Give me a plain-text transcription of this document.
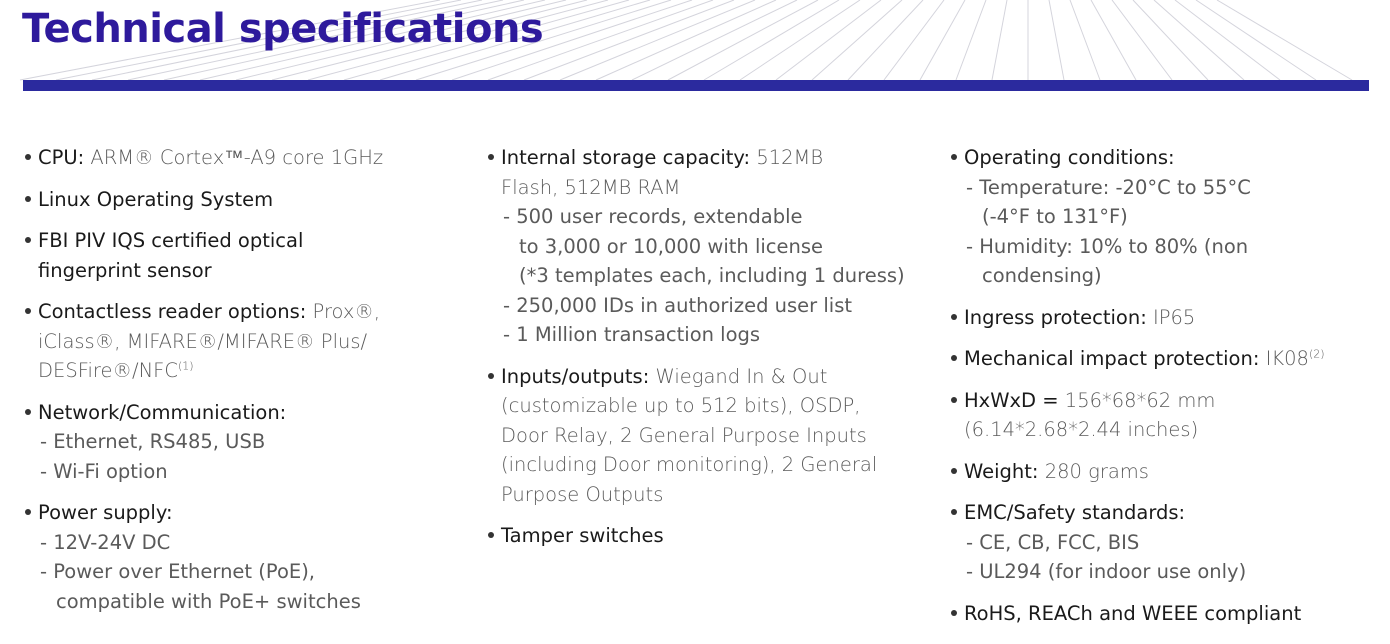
Technical specifications
CPU: ARM® Cortex™-A9 core 1GHz
Linux Operating System
FBI PIV IQS certified optical
fingerprint sensor
Contactless reader options: Prox®,
iClass®, MIFARE®/MIFARE® Plus/
DESFire®/NFC$^{(1)}$
Network/Communication:
- Ethernet, RS485, USB
- Wi-Fi option
Power supply:
- 12V-24V DC
- Power over Ethernet (PoE),
compatible with PoE+ switches
Internal storage capacity: 512MB
Flash, 512MB RAM
- 500 user records, extendable
to 3,000 or 10,000 with license
(*3 templates each, including 1 duress)
- 250,000 IDs in authorized user list
- 1 Million transaction logs
Inputs/outputs: Wiegand In & Out
(customizable up to 512 bits), OSDP,
Door Relay, 2 General Purpose Inputs
(including Door monitoring), 2 General
Purpose Outputs
Tamper switches
Operating conditions:
- Temperature: -20°C to 55°C
(-4°F to 131°F)
- Humidity: 10% to 80% (non
condensing)
Ingress protection: IP65
Mechanical impact protection: IK08$^{(2)}$
HxWxD = 156*68*62 mm
(6.14*2.68*2.44 inches)
Weight: 280 grams
EMC/Safety standards:
- CE, CB, FCC, BIS
- UL294 (for indoor use only)
RoHS, REACh and WEEE compliant
